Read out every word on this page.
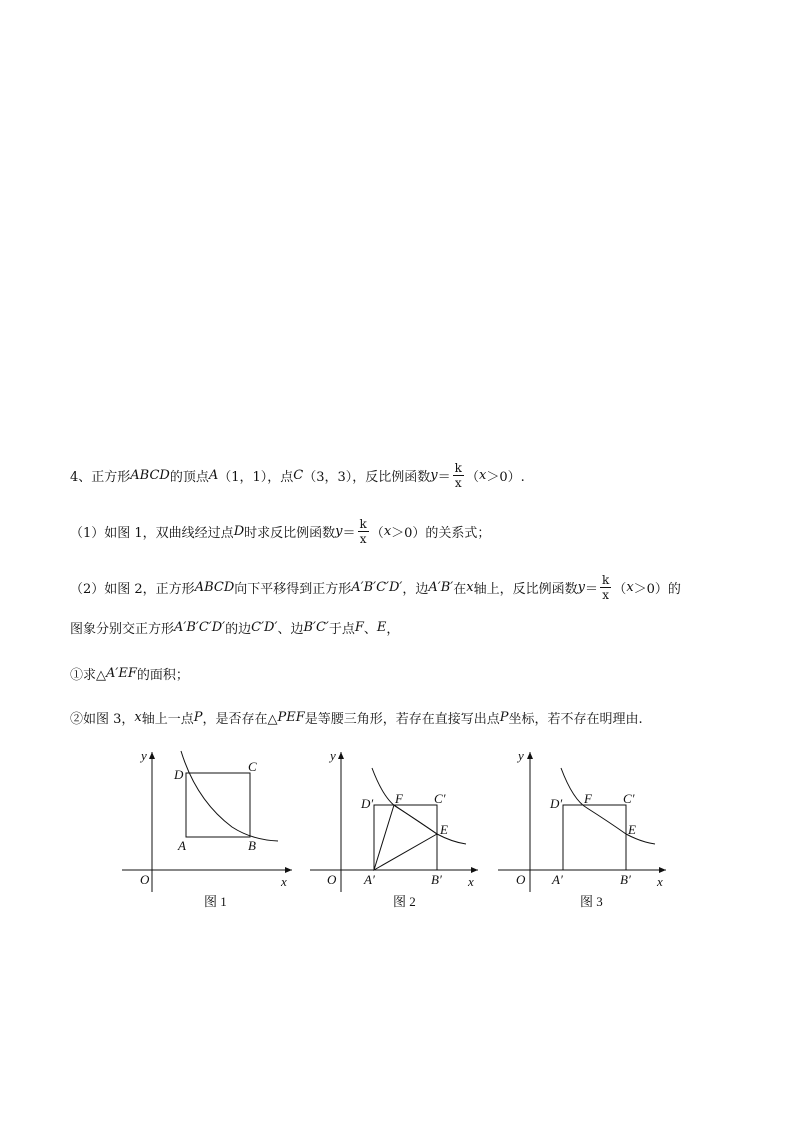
4、正方形 ABCD 的顶点 A （1，1），点 C （3，3），反比例函数 $y = \frac{k}{x}$ （ x ＞0）.
（1）如图 1，双曲线经过点 D 时求反比例函数 $y = \frac{k}{x}$ （ x ＞0）的关系式；
（2）如图 2，正方形 ABCD 向下平移得到正方形 A′B′C′D′ ，边 A′B′ 在 x 轴上，反比例函数 $y = \frac{k}{x}$ （ x ＞0）的
图象分别交正方形 A′B′C′D′ 的边 C′D′ 、边 B′C′ 于点 F 、 E ，
①求△ A′EF 的面积；
②如图 3， x 轴上一点 P ，是否存在△ PEF 是等腰三角形，若存在直接写出点 P 坐标，若不存在明理由.
y
D
C
A	B
O	x
图 1
y
D′ F C′
E
O A′	B′ x
图 2
y
D′ F C′
E
O A′	B′ x
图 3
